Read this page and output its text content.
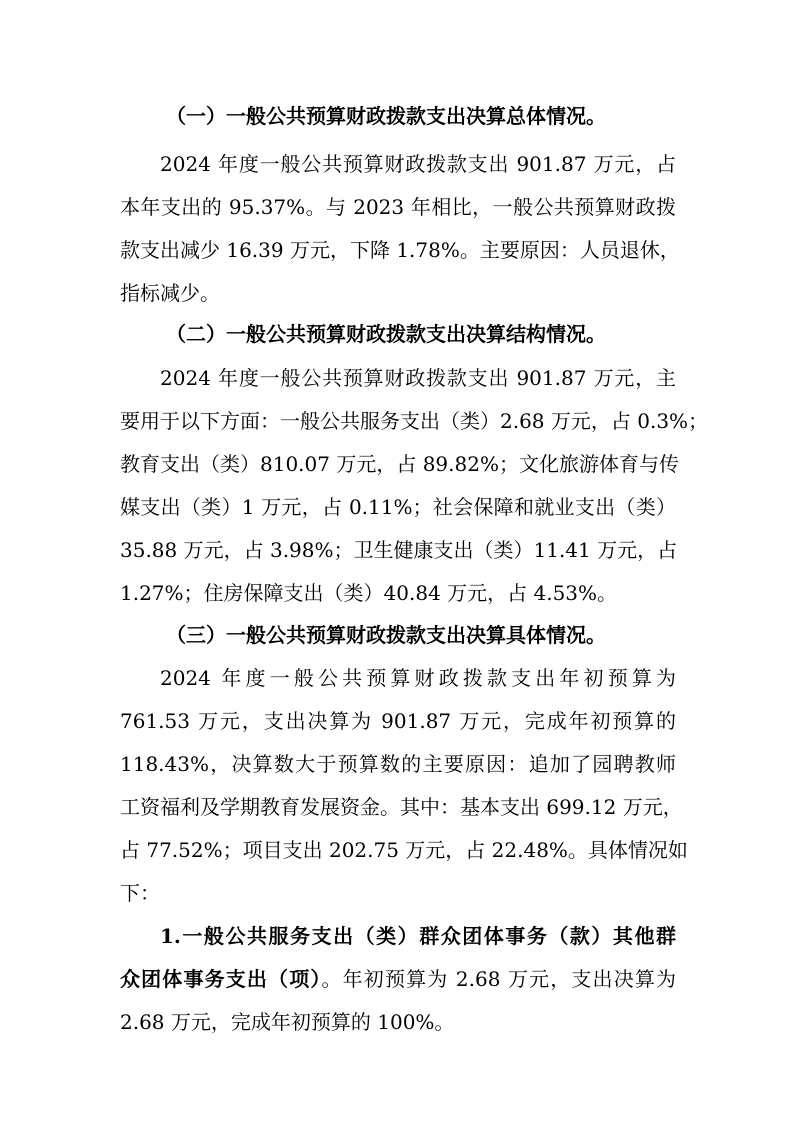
（一）一般公共预算财政拨款支出决算总体情况。
2024 年度一般公共预算财政拨款支出 901.87 万元，占
本年支出的 95.37%。与 2023 年相比，一般公共预算财政拨
款支出减少 16.39 万元，下降 1.78%。主要原因：人员退休，
指标减少。
（二）一般公共预算财政拨款支出决算结构情况。
2024 年度一般公共预算财政拨款支出 901.87 万元，主
要用于以下方面：一般公共服务支出（类）2.68 万元，占 0.3%；
教育支出（类）810.07 万元，占 89.82%；文化旅游体育与传
媒支出（类）1 万元，占 0.11%；社会保障和就业支出（类）
35.88 万元，占 3.98%；卫生健康支出（类）11.41 万元，占
1.27%；住房保障支出（类）40.84 万元，占 4.53%。
（三）一般公共预算财政拨款支出决算具体情况。
2024 年度一般公共预算财政拨款支出年初预算为
761.53 万元，支出决算为 901.87 万元，完成年初预算的
118.43%，决算数大于预算数的主要原因：追加了园聘教师
工资福利及学期教育发展资金。其中：基本支出 699.12 万元，
占 77.52%；项目支出 202.75 万元，占 22.48%。具体情况如
下：
1.一般公共服务支出（类）群众团体事务（款）其他群
众团体事务支出（项）。年初预算为 2.68 万元，支出决算为
2.68 万元，完成年初预算的 100%。
